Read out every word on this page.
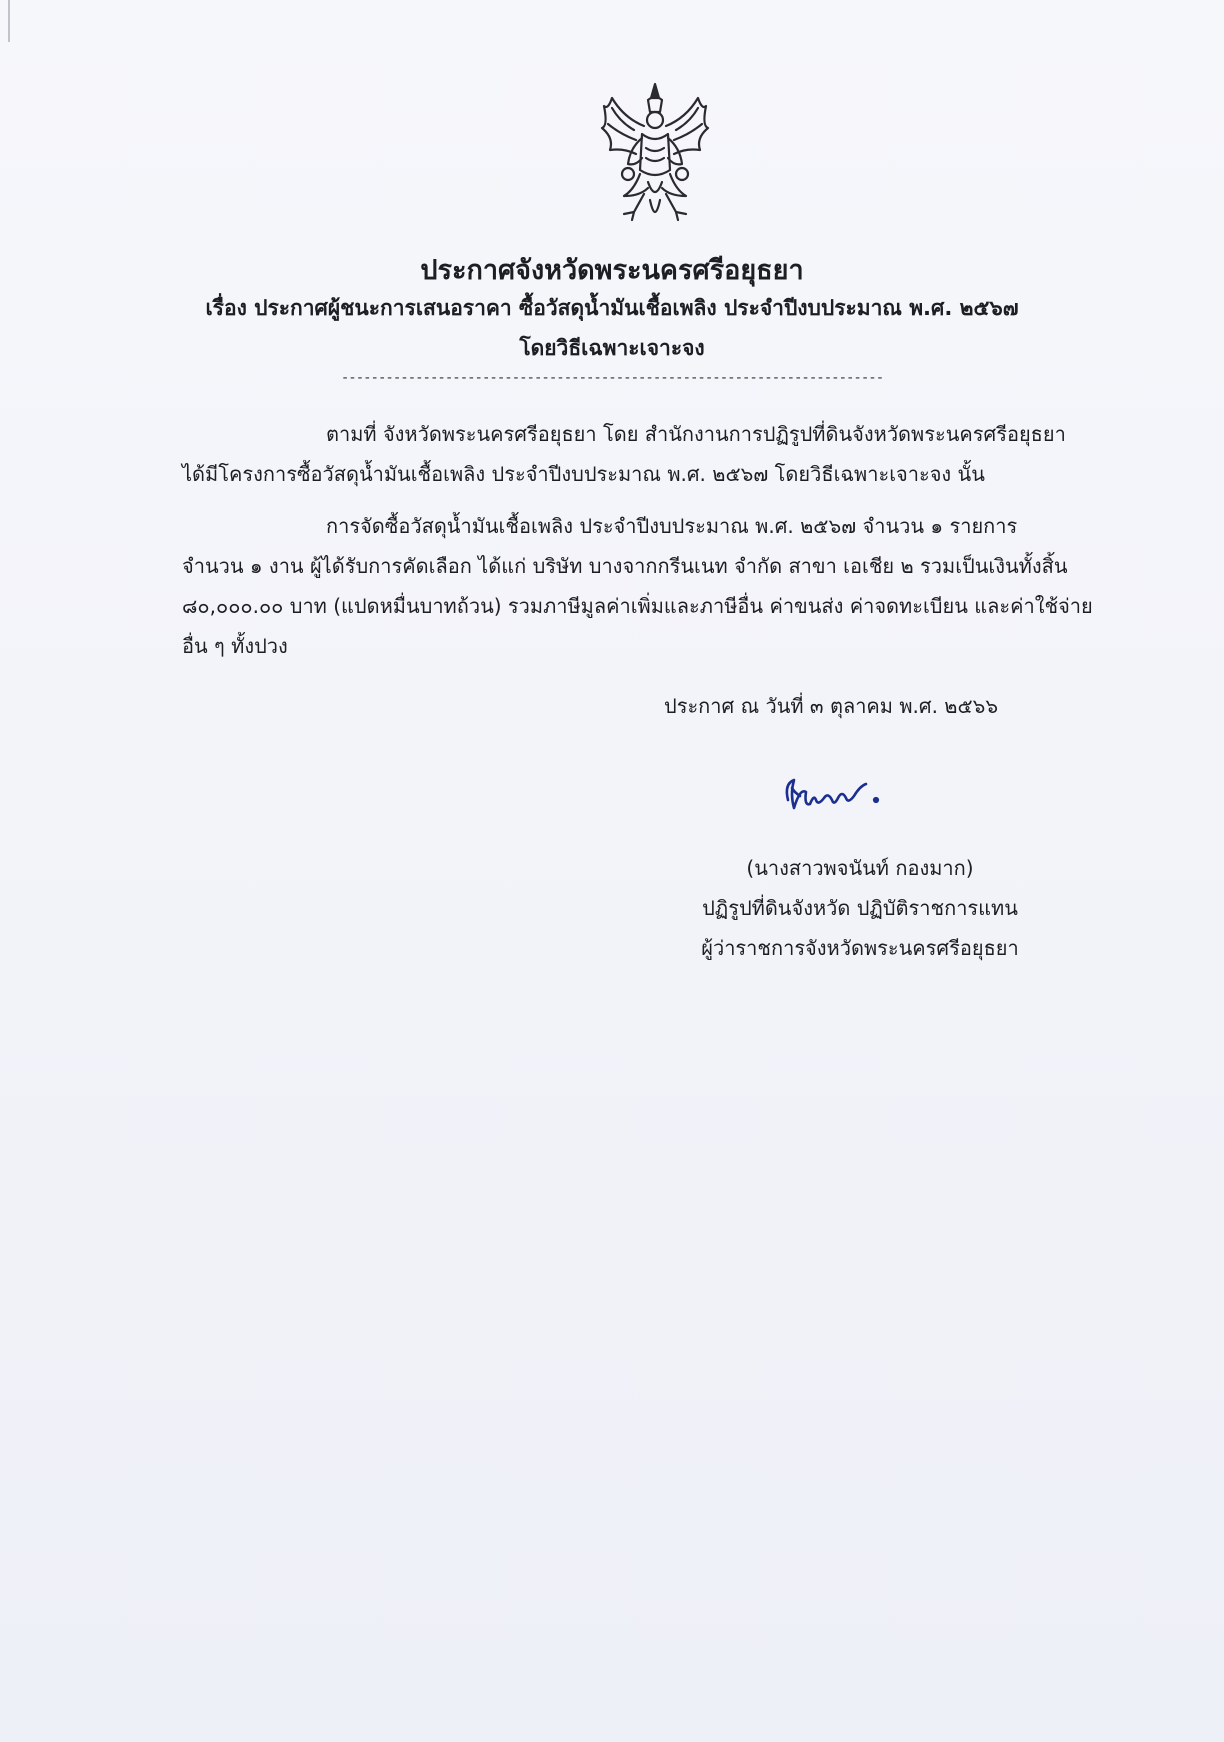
ประกาศจังหวัดพระนครศรีอยุธยา

เรื่อง ประกาศผู้ชนะการเสนอราคา ซื้อวัสดุน้ำมันเชื้อเพลิง ประจำปีงบประมาณ พ.ศ. ๒๕๖๗

โดยวิธีเฉพาะเจาะจง

-------------------------------------------------------------------------

ตามที่ จังหวัดพระนครศรีอยุธยา โดย สำนักงานการปฏิรูปที่ดินจังหวัดพระนครศรีอยุธยา

ได้มีโครงการซื้อวัสดุน้ำมันเชื้อเพลิง ประจำปีงบประมาณ พ.ศ. ๒๕๖๗ โดยวิธีเฉพาะเจาะจง นั้น

การจัดซื้อวัสดุน้ำมันเชื้อเพลิง ประจำปีงบประมาณ พ.ศ. ๒๕๖๗ จำนวน ๑ รายการ

จำนวน ๑ งาน ผู้ได้รับการคัดเลือก ได้แก่ บริษัท บางจากกรีนเนท จำกัด สาขา เอเชีย ๒ รวมเป็นเงินทั้งสิ้น

๘๐,๐๐๐.๐๐ บาท (แปดหมื่นบาทถ้วน) รวมภาษีมูลค่าเพิ่มและภาษีอื่น ค่าขนส่ง ค่าจดทะเบียน และค่าใช้จ่าย

อื่น ๆ ทั้งปวง

ประกาศ ณ วันที่ ๓ ตุลาคม พ.ศ. ๒๕๖๖

(นางสาวพจนันท์ กองมาก)

ปฏิรูปที่ดินจังหวัด ปฏิบัติราชการแทน

ผู้ว่าราชการจังหวัดพระนครศรีอยุธยา
